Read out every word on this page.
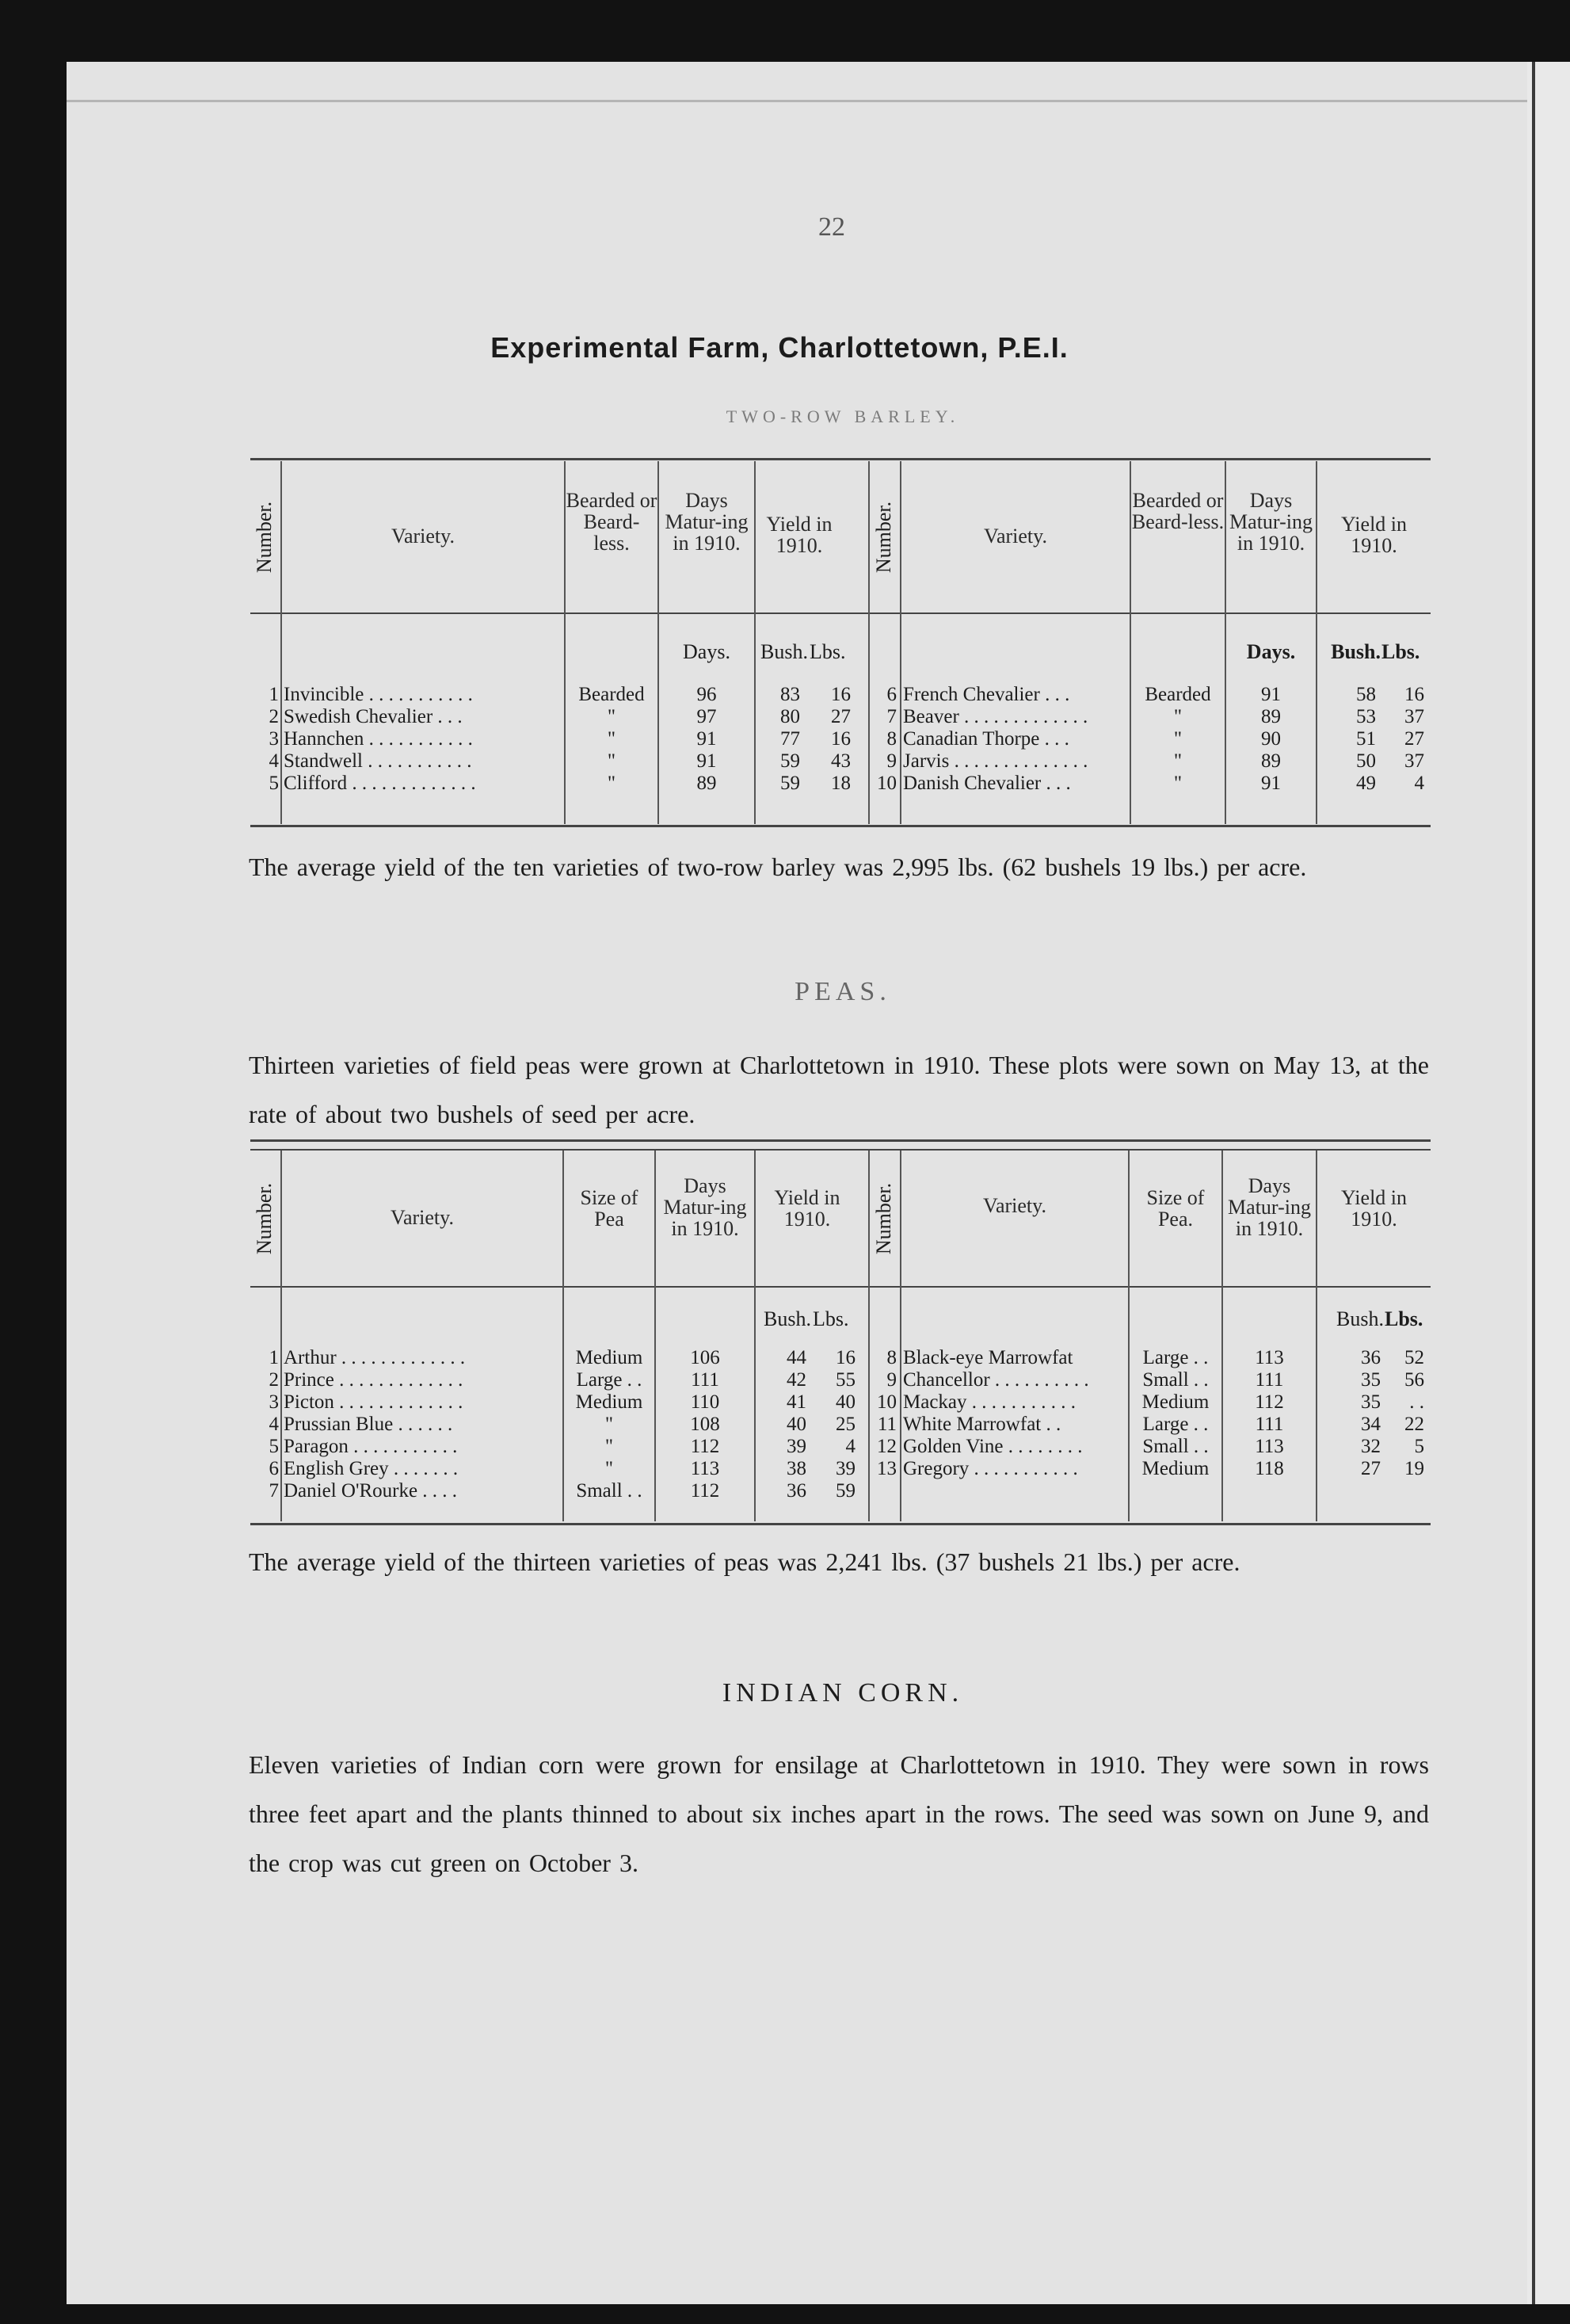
22
Experimental Farm, Charlottetown, P.E.I.
TWO-ROW BARLEY.
Number.	Variety.
Bearded or Beard-less.
Days Matur-ing in 1910.
Yield in 1910.	Number.	Variety.
Bearded or Beard-less.
Days Matur-ing in 1910.
Yield in 1910.
Days.	Bush. Lbs.	Days.	Bush. Lbs.
1 Invincible . . . . . . . . . . .	Bearded	96	83	16	6 French Chevalier . . .	Bearded	91	58	16
2 Swedish Chevalier . . .	"	97	80	27	7 Beaver . . . . . . . . . . . . .	"	89	53	37
3 Hannchen . . . . . . . . . . .	"	91	77	16	8 Canadian Thorpe . . .	"	90	51	27
4 Standwell . . . . . . . . . . .	"	91	59	43	9 Jarvis . . . . . . . . . . . . . .	"	89	50	37
5 Clifford . . . . . . . . . . . . .	"	89	59	18 10 Danish Chevalier . . .	"	91	49	4
The average yield of the ten varieties of two-row barley was 2,995 lbs. (62 bushels 19 lbs.) per acre.
PEAS.
Thirteen varieties of field peas were grown at Charlottetown in 1910. These plots were sown on May 13, at the rate of about two bushels of seed per acre.
Number.	Variety.
Size of Pea
Days Matur-ing in 1910.
Yield in 1910.	Number.	Variety.	Size of Pea.
Days Matur-ing in 1910.
Yield in 1910.
Bush. Lbs.	Bush. Lbs.
1 Arthur . . . . . . . . . . . . .	Medium	106	44	16	8 Black-eye Marrowfat	Large . .	113	36	52
2 Prince . . . . . . . . . . . . .	Large . .	111	42	55	9 Chancellor . . . . . . . . . .	Small . .	111	35	56
3 Picton . . . . . . . . . . . . .	Medium	110	41	40 10 Mackay . . . . . . . . . . .	Medium	112	35	. .
4 Prussian Blue . . . . . .	"	108	40	25	11 White Marrowfat . .	Large . .	111	34	22
5 Paragon . . . . . . . . . . .	"	112	39	4 12 Golden Vine . . . . . . . .	Small . .	113	32	5
6 English Grey . . . . . . .	"	113	38	39 13 Gregory . . . . . . . . . . .	Medium	118	27	19
7 Daniel O'Rourke . . . .	Small . .	112	36	59
The average yield of the thirteen varieties of peas was 2,241 lbs. (37 bushels 21 lbs.) per acre.
INDIAN CORN.
Eleven varieties of Indian corn were grown for ensilage at Charlottetown in 1910. They were sown in rows three feet apart and the plants thinned to about six inches apart in the rows. The seed was sown on June 9, and the crop was cut green on October 3.
